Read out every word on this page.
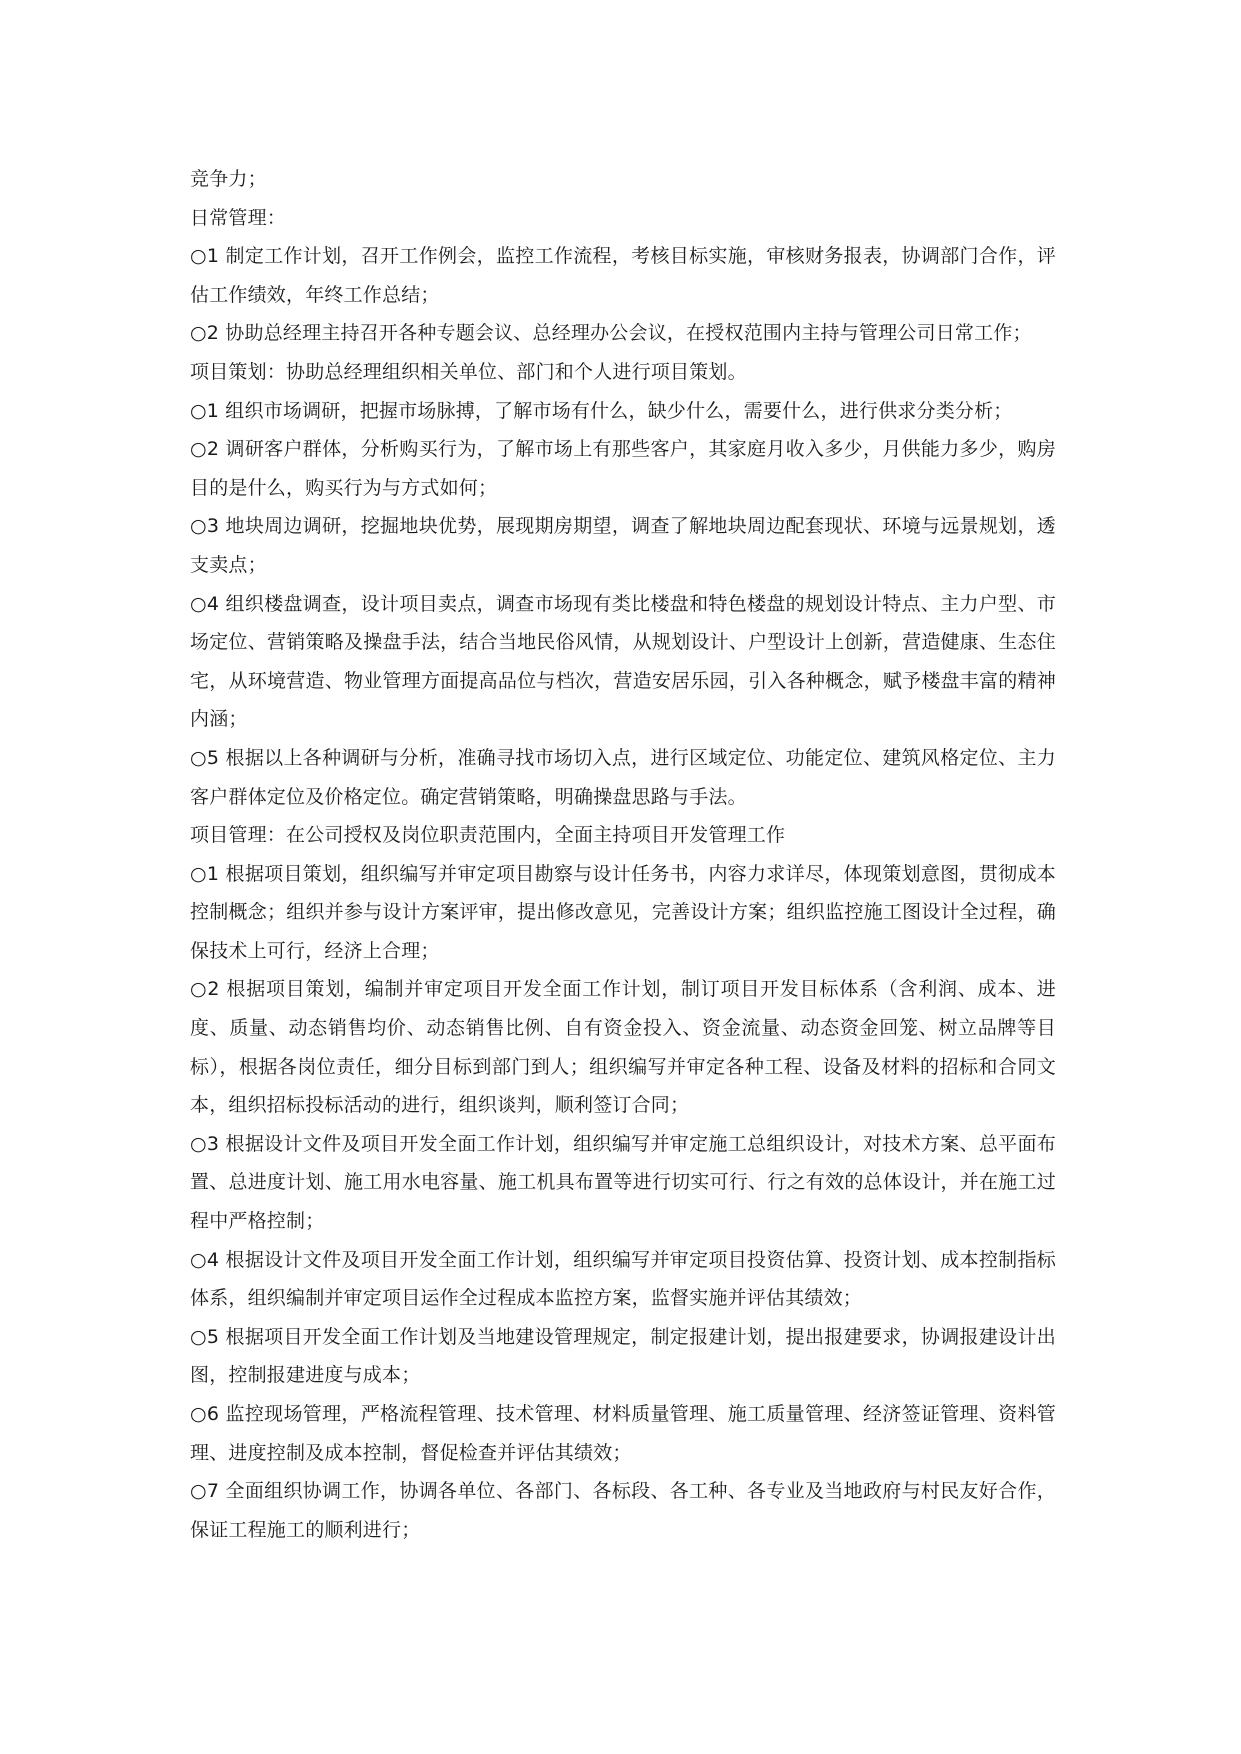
竞争力；

日常管理：

○1 制定工作计划，召开工作例会，监控工作流程，考核目标实施，审核财务报表，协调部门合作，评估工作绩效，年终工作总结；

○2 协助总经理主持召开各种专题会议、总经理办公会议，在授权范围内主持与管理公司日常工作；

项目策划：协助总经理组织相关单位、部门和个人进行项目策划。

○1 组织市场调研，把握市场脉搏，了解市场有什么，缺少什么，需要什么，进行供求分类分析；

○2 调研客户群体，分析购买行为，了解市场上有那些客户，其家庭月收入多少，月供能力多少，购房目的是什么，购买行为与方式如何；

○3 地块周边调研，挖掘地块优势，展现期房期望，调查了解地块周边配套现状、环境与远景规划，透支卖点；

○4 组织楼盘调查，设计项目卖点，调查市场现有类比楼盘和特色楼盘的规划设计特点、主力户型、市场定位、营销策略及操盘手法，结合当地民俗风情，从规划设计、户型设计上创新，营造健康、生态住宅，从环境营造、物业管理方面提高品位与档次，营造安居乐园，引入各种概念，赋予楼盘丰富的精神内涵；

○5 根据以上各种调研与分析，准确寻找市场切入点，进行区域定位、功能定位、建筑风格定位、主力客户群体定位及价格定位。确定营销策略，明确操盘思路与手法。

项目管理：在公司授权及岗位职责范围内，全面主持项目开发管理工作

○1 根据项目策划，组织编写并审定项目勘察与设计任务书，内容力求详尽，体现策划意图，贯彻成本控制概念；组织并参与设计方案评审，提出修改意见，完善设计方案；组织监控施工图设计全过程，确保技术上可行，经济上合理；

○2 根据项目策划，编制并审定项目开发全面工作计划，制订项目开发目标体系（含利润、成本、进度、质量、动态销售均价、动态销售比例、自有资金投入、资金流量、动态资金回笼、树立品牌等目标），根据各岗位责任，细分目标到部门到人；组织编写并审定各种工程、设备及材料的招标和合同文本，组织招标投标活动的进行，组织谈判，顺利签订合同；

○3 根据设计文件及项目开发全面工作计划，组织编写并审定施工总组织设计，对技术方案、总平面布置、总进度计划、施工用水电容量、施工机具布置等进行切实可行、行之有效的总体设计，并在施工过程中严格控制；

○4 根据设计文件及项目开发全面工作计划，组织编写并审定项目投资估算、投资计划、成本控制指标体系，组织编制并审定项目运作全过程成本监控方案，监督实施并评估其绩效；

○5 根据项目开发全面工作计划及当地建设管理规定，制定报建计划，提出报建要求，协调报建设计出图，控制报建进度与成本；

○6 监控现场管理，严格流程管理、技术管理、材料质量管理、施工质量管理、经济签证管理、资料管理、进度控制及成本控制，督促检查并评估其绩效；

○7 全面组织协调工作，协调各单位、各部门、各标段、各工种、各专业及当地政府与村民友好合作，保证工程施工的顺利进行；
